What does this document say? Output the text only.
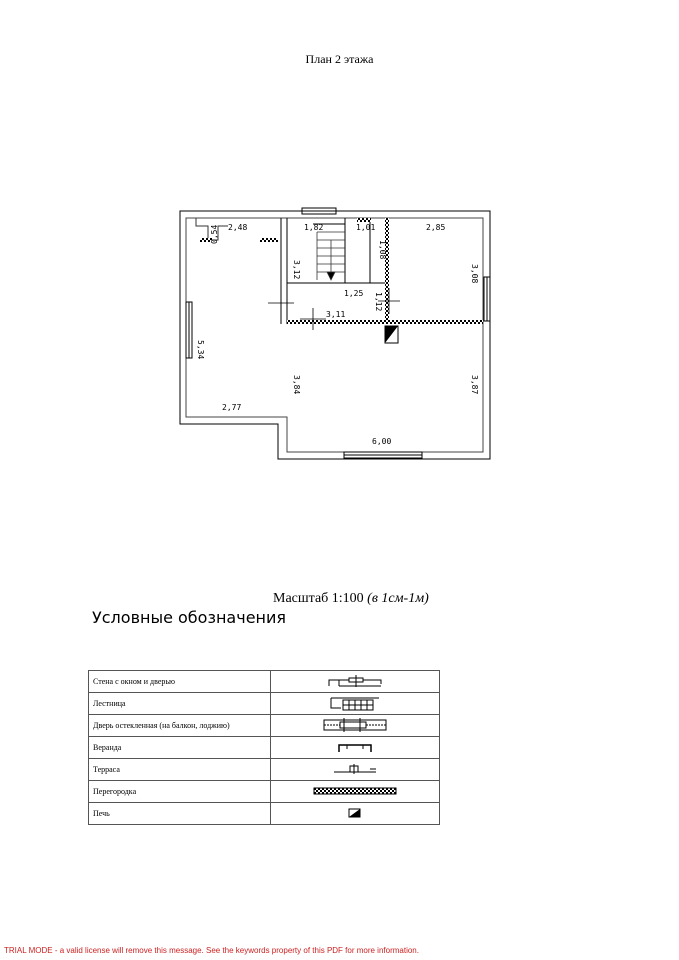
План 2 этажа
2,48
0,54
5,34
2,77
1,82
3,12
1,01
1,08
1,25 1,12
3,11
2,85
3,08
3,84	3,87
6,00
Масштаб 1:100 (в 1см-1м)
Условные обозначения
Стена с окном и дверью	
Лестница	
Дверь остекленная (на балкон, лоджию)	
Веранда	
Терраса	
Перегородка	
Печь	
TRIAL MODE - a valid license will remove this message. See the keywords property of this PDF for more information.
